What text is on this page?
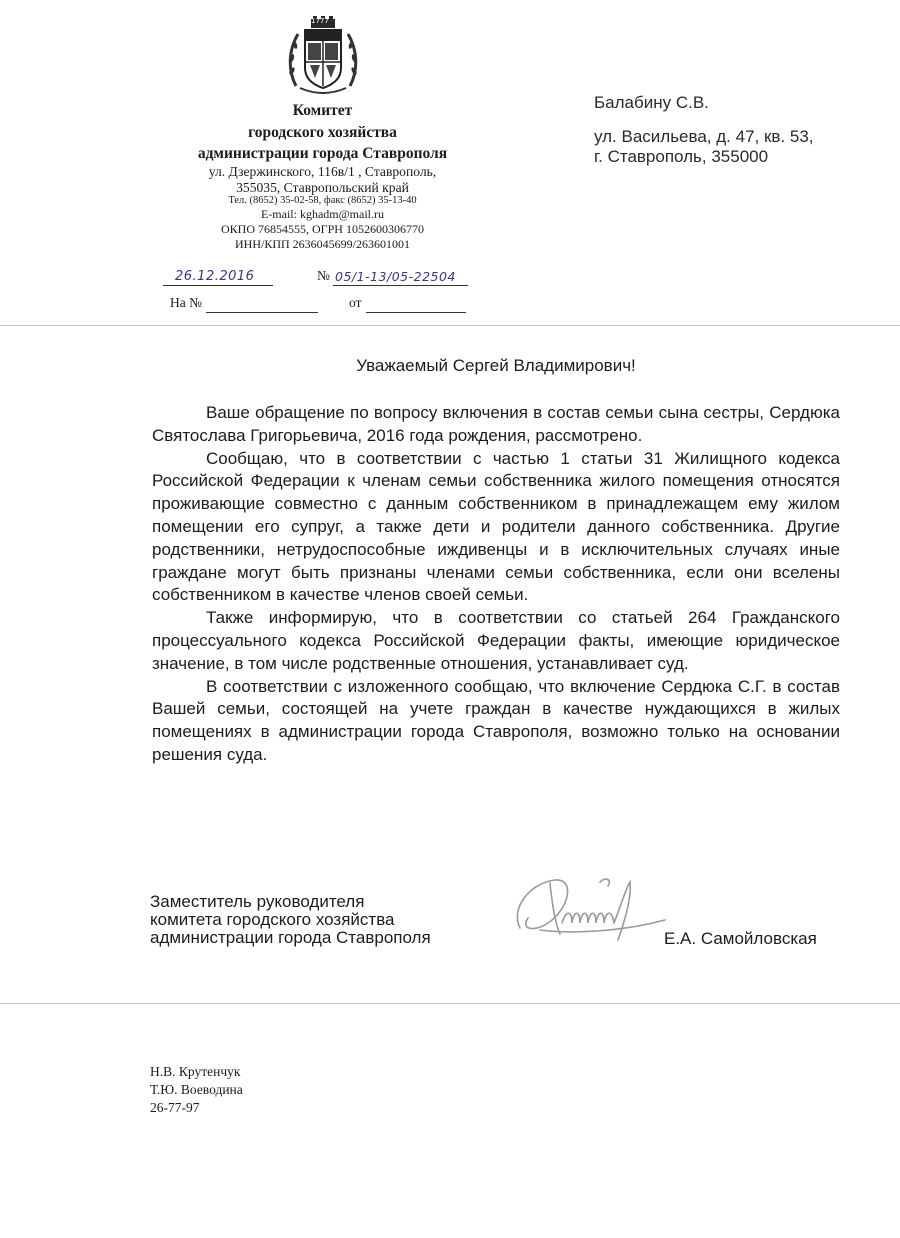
1777
Комитет
городского хозяйства
администрации города Ставрополя
ул. Дзержинского, 116в/1 , Ставрополь,
355035, Ставропольский край
Тел. (8652) 35-02-58, факс (8652) 35-13-40
E-mail: kghadm@mail.ru
ОКПО 76854555, ОГРН 1052600306770
ИНН/КПП 2636045699/263601001
26.12.2016	№ 05/1-13/05-22504
На №	от
Балабину С.В.
ул. Васильева, д. 47, кв. 53,
г. Ставрополь, 355000
Уважаемый Сергей Владимирович!

Ваше обращение по вопросу включения в состав семьи сына сестры, Сердюка Святослава Григорьевича, 2016 года рождения, рассмотрено.

Сообщаю, что в соответствии с частью 1 статьи 31 Жилищного кодекса Российской Федерации к членам семьи собственника жилого помещения относятся проживающие совместно с данным собственником в принадлежащем ему жилом помещении его супруг, а также дети и родители данного собственника. Другие родственники, нетрудоспособные иждивенцы и в исключительных случаях иные граждане могут быть признаны членами семьи собственника, если они вселены собственником в качестве членов своей семьи.

Также информирую, что в соответствии со статьей 264 Гражданского процессуального кодекса Российской Федерации факты, имеющие юридическое значение, в том числе родственные отношения, устанавливает суд.

В соответствии с изложенного сообщаю, что включение Сердюка С.Г. в состав Вашей семьи, состоящей на учете граждан в качестве нуждающихся в жилых помещениях в администрации города Ставрополя, возможно только на основании решения суда.

Заместитель руководителя
комитета городского хозяйства
администрации города Ставрополя	Е.А. Самойловская
Н.В. Крутенчук
Т.Ю. Воеводина
26-77-97
